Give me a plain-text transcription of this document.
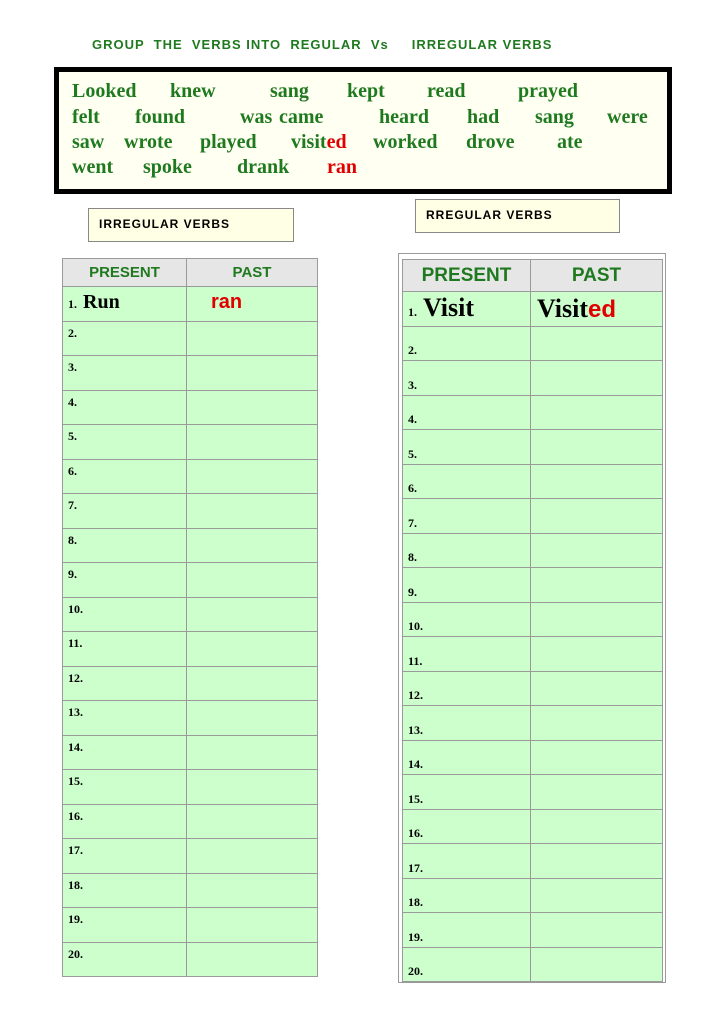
GROUP  THE  VERBS INTO  REGULAR  Vs     IRREGULAR VERBS
Looked knew	sang kept read	prayed
felt found	was came	heard had sang were
saw wrote played visited worked drove ate
went spoke drank ran
IRREGULAR VERBS
RREGULAR VERBS
PRESENT	PAST
1. Run	ran
2.	
3.	
4.	
5.	
6.	
7.	
8.	
9.	
10.	
11.	
12.	
13.	
14.	
15.	
16.	
17.	
18.	
19.	
20.	
PRESENT	PAST
1. Visit	Visited
2.	
3.	
4.	
5.	
6.	
7.	
8.	
9.	
10.	
11.	
12.	
13.	
14.	
15.	
16.	
17.	
18.	
19.	
20.	
